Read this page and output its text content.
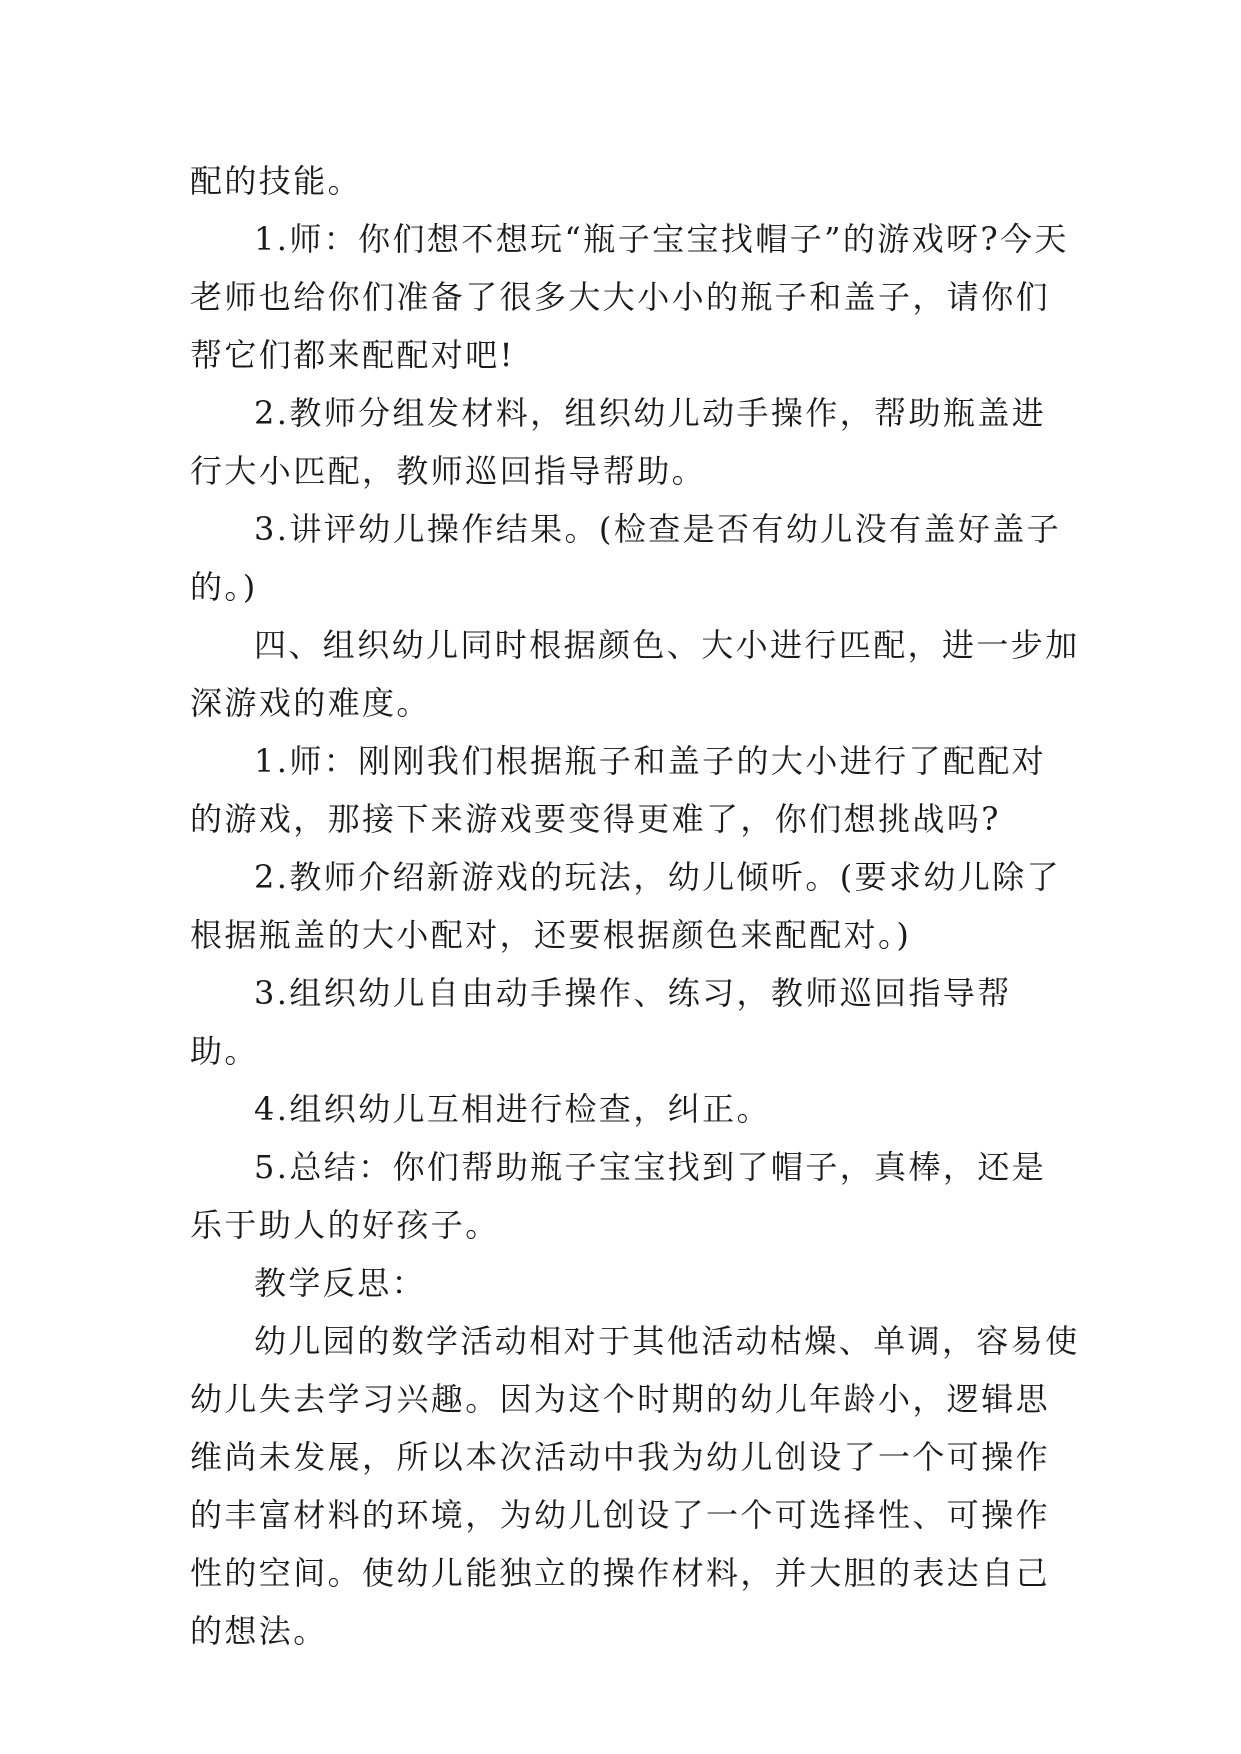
配的技能。

1.师：你们想不想玩“瓶子宝宝找帽子”的游戏呀?今天老师也给你们准备了很多大大小小的瓶子和盖子，请你们帮它们都来配配对吧!

2.教师分组发材料，组织幼儿动手操作，帮助瓶盖进行大小匹配，教师巡回指导帮助。

3.讲评幼儿操作结果。(检查是否有幼儿没有盖好盖子的。)

四、组织幼儿同时根据颜色、大小进行匹配，进一步加深游戏的难度。

1.师：刚刚我们根据瓶子和盖子的大小进行了配配对的游戏，那接下来游戏要变得更难了，你们想挑战吗?

2.教师介绍新游戏的玩法，幼儿倾听。(要求幼儿除了根据瓶盖的大小配对，还要根据颜色来配配对。)

3.组织幼儿自由动手操作、练习，教师巡回指导帮助。

4.组织幼儿互相进行检查，纠正。

5.总结：你们帮助瓶子宝宝找到了帽子，真棒，还是乐于助人的好孩子。

教学反思：

幼儿园的数学活动相对于其他活动枯燥、单调，容易使幼儿失去学习兴趣。因为这个时期的幼儿年龄小，逻辑思维尚未发展，所以本次活动中我为幼儿创设了一个可操作的丰富材料的环境，为幼儿创设了一个可选择性、可操作性的空间。使幼儿能独立的操作材料，并大胆的表达自己的想法。
